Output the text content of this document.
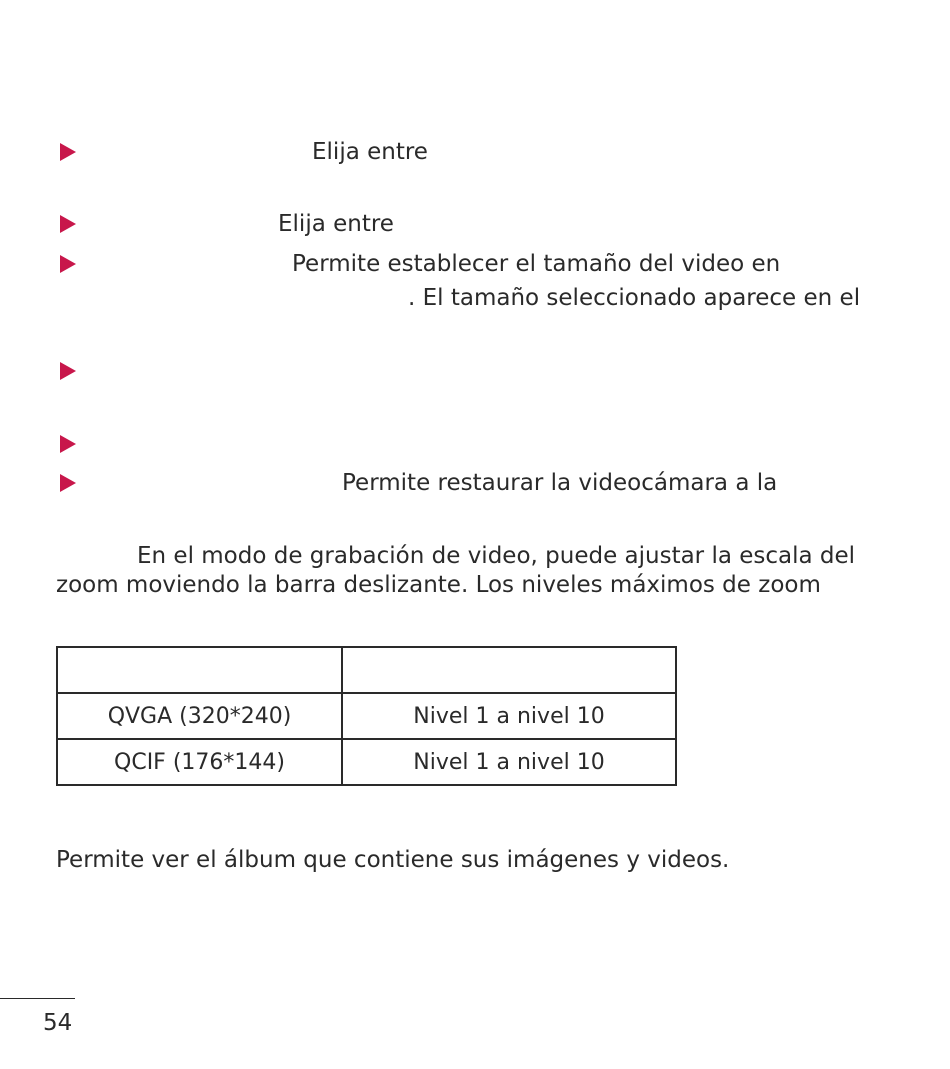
Elija entre
Elija entre
Permite establecer el tamaño del video en
. El tamaño seleccionado aparece en el
Permite restaurar la videocámara a la
En el modo de grabación de video, puede ajustar la escala del
zoom moviendo la barra deslizante. Los niveles máximos de zoom

QVGA (320*240)	Nivel 1 a nivel 10
QCIF (176*144)	Nivel 1 a nivel 10
Permite ver el álbum que contiene sus imágenes y videos.
54
